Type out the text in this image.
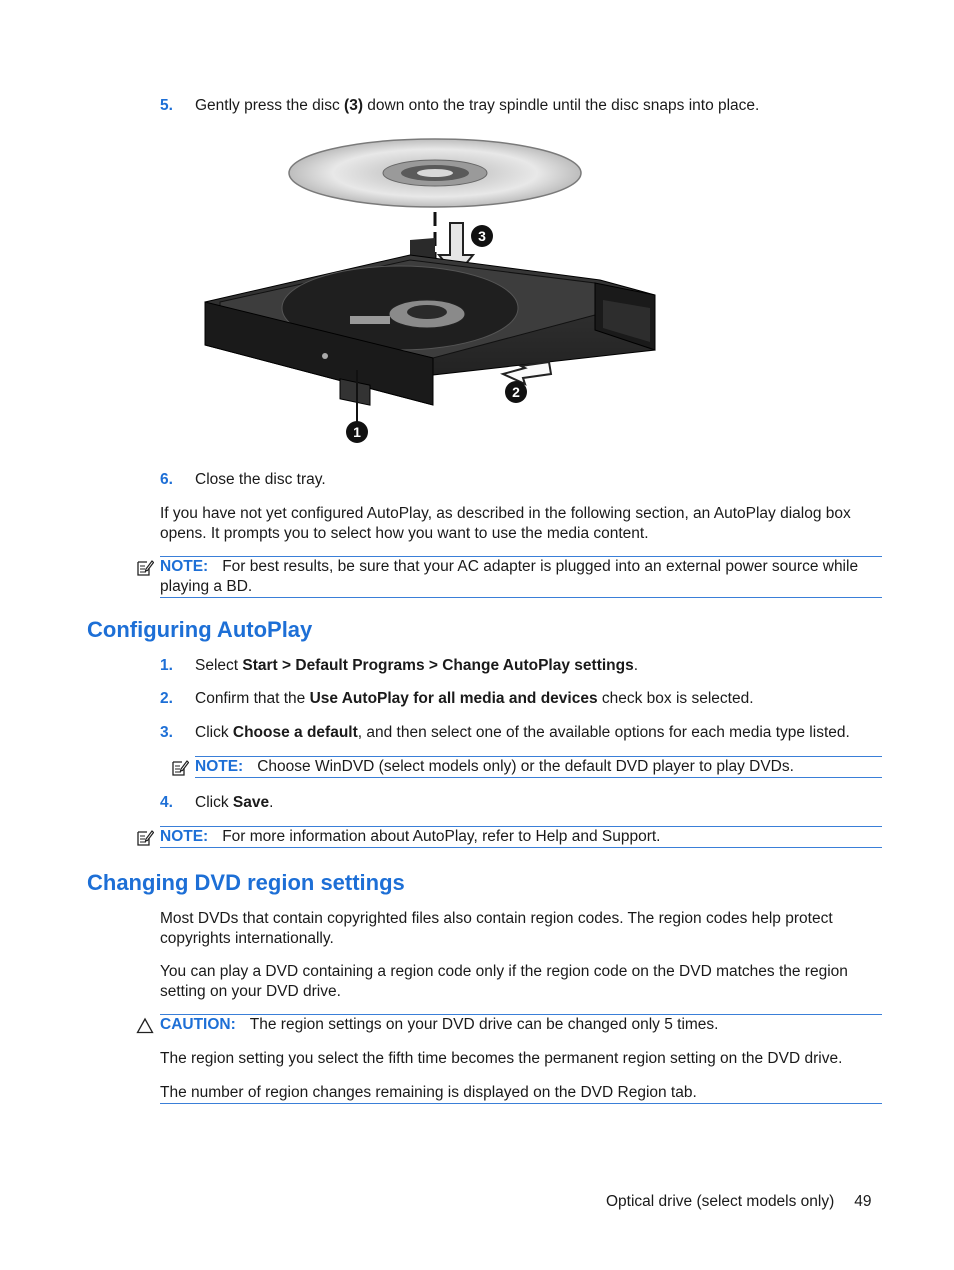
5. Gently press the disc (3) down onto the tray spindle until the disc snaps into place.
3
2
1
6. Close the disc tray.
If you have not yet configured AutoPlay, as described in the following section, an AutoPlay dialog box opens. It prompts you to select how you want to use the media content.
NOTE: For best results, be sure that your AC adapter is plugged into an external power source while playing a BD.
Configuring AutoPlay
1. Select Start > Default Programs > Change AutoPlay settings.
2. Confirm that the Use AutoPlay for all media and devices check box is selected.
3. Click Choose a default, and then select one of the available options for each media type listed.
NOTE: Choose WinDVD (select models only) or the default DVD player to play DVDs.
4. Click Save.
NOTE: For more information about AutoPlay, refer to Help and Support.
Changing DVD region settings
Most DVDs that contain copyrighted files also contain region codes. The region codes help protect copyrights internationally.
You can play a DVD containing a region code only if the region code on the DVD matches the region setting on your DVD drive.
CAUTION: The region settings on your DVD drive can be changed only 5 times.
The region setting you select the fifth time becomes the permanent region setting on the DVD drive.
The number of region changes remaining is displayed on the DVD Region tab.
Optical drive (select models only) 49
